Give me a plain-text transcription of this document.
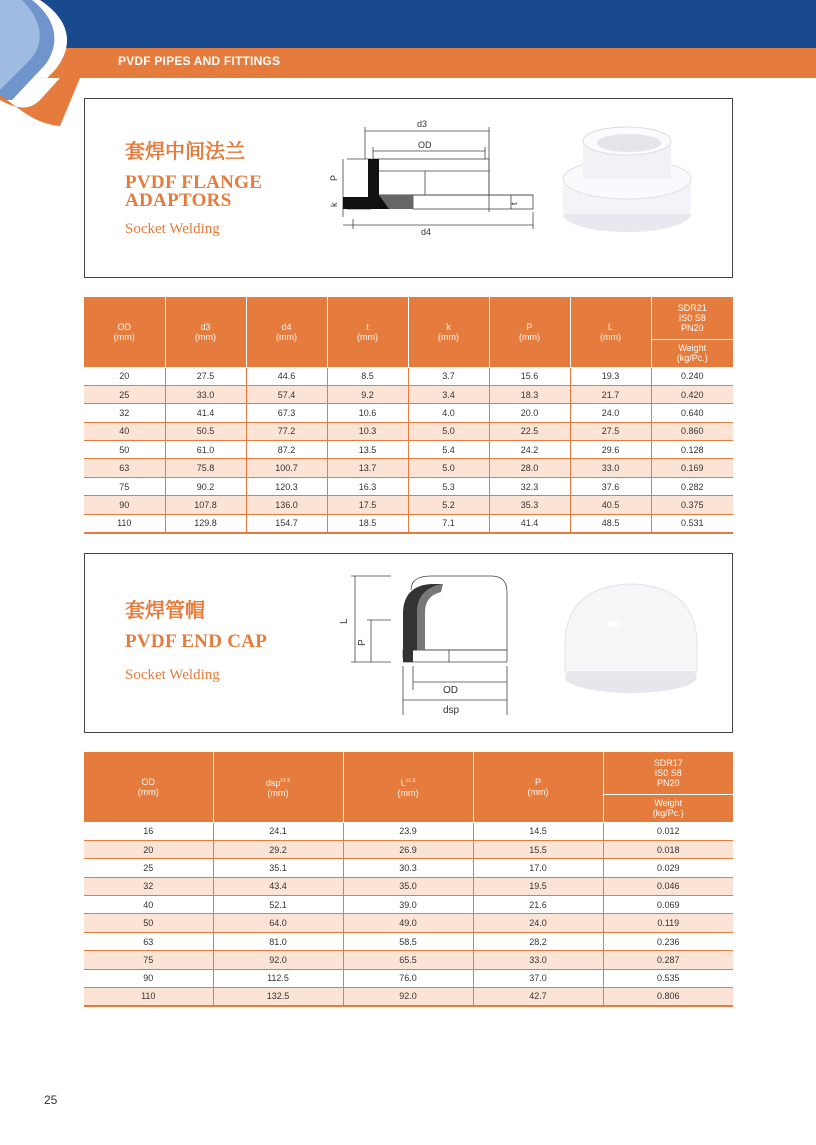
PVDF PIPES AND FITTINGS
套焊中间法兰
PVDF FLANGE
ADAPTORS
Socket Welding
d3
OD
P
k	t
d4
OD
(mm)	d3
(mm)	d4
(mm)	t
(mm)	k
(mm)	P
(mm)	L
(mm)	SDR21
IS0 S8
PN20
							Weight
(kg/Pc.)
20	27.5	44.6	8.5	3.7	15.6	19.3	0.240
25	33.0	57.4	9.2	3.4	18.3	21.7	0.420
32	41.4	67.3	10.6	4.0	20.0	24.0	0.640
40	50.5	77.2	10.3	5.0	22.5	27.5	0.860
50	61.0	87.2	13.5	5.4	24.2	29.6	0.128
63	75.8	100.7	13.7	5.0	28.0	33.0	0.169
75	90.2	120.3	16.3	5.3	32.3	37.6	0.282
90	107.8	136.0	17.5	5.2	35.3	40.5	0.375
110	129.8	154.7	18.5	7.1	41.4	48.5	0.531
套焊管帽
PVDF END CAP
Socket Welding
L
P
OD
dsp
OD
(mm)	dsp$^{\pm 1.5}$
(mm)	$L^{\pm 1.5}$
(mm)	P
(mm)	SDR17
IS0 S8
PN20
				Weight
(kg/Pc.)
16	24.1	23.9	14.5	0.012
20	29.2	26.9	15.5	0.018
25	35.1	30.3	17.0	0.029
32	43.4	35.0	19.5	0.046
40	52.1	39.0	21.6	0.069
50	64.0	49.0	24.0	0.119
63	81.0	58.5	28.2	0.236
75	92.0	65.5	33.0	0.287
90	112.5	76.0	37.0	0.535
110	132.5	92.0	42.7	0.806
25
